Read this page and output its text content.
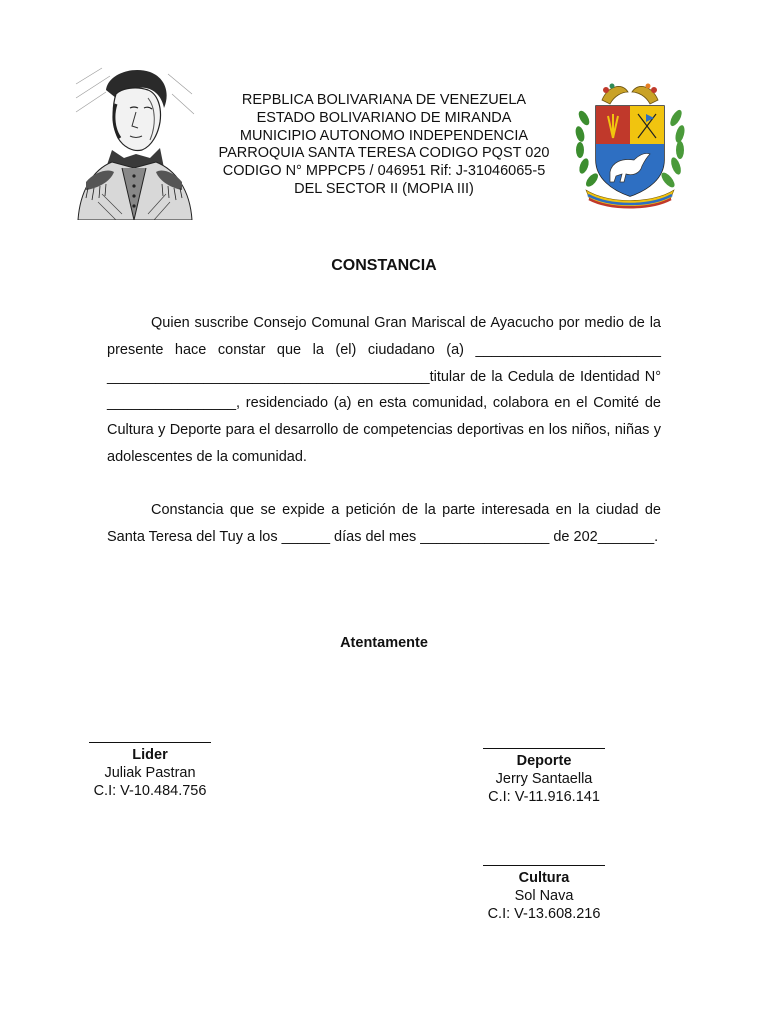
REPBLICA BOLIVARIANA DE VENEZUELA
ESTADO BOLIVARIANO DE MIRANDA
MUNICIPIO AUTONOMO INDEPENDENCIA
PARROQUIA SANTA TERESA CODIGO PQST 020
CODIGO N° MPPCP5 / 046951 Rif: J-31046065-5
DEL SECTOR II (MOPIA III)
CONSTANCIA

Quien suscribe Consejo Comunal Gran Mariscal de Ayacucho por medio de la presente hace constar que la (el) ciudadano (a) _______________________ ________________________________________titular de la Cedula de Identidad N° ________________, residenciado (a) en esta comunidad, colabora en el Comité de Cultura y Deporte para el desarrollo de competencias deportivas en los niños, niñas y adolescentes de la comunidad.

Constancia que se expide a petición de la parte interesada en la ciudad de Santa Teresa del Tuy a los ______ días del mes ________________ de 202_______.

Atentamente
Lider
Juliak Pastran
C.I: V-10.484.756
Deporte
Jerry Santaella
C.I: V-11.916.141
Cultura
Sol Nava
C.I: V-13.608.216
